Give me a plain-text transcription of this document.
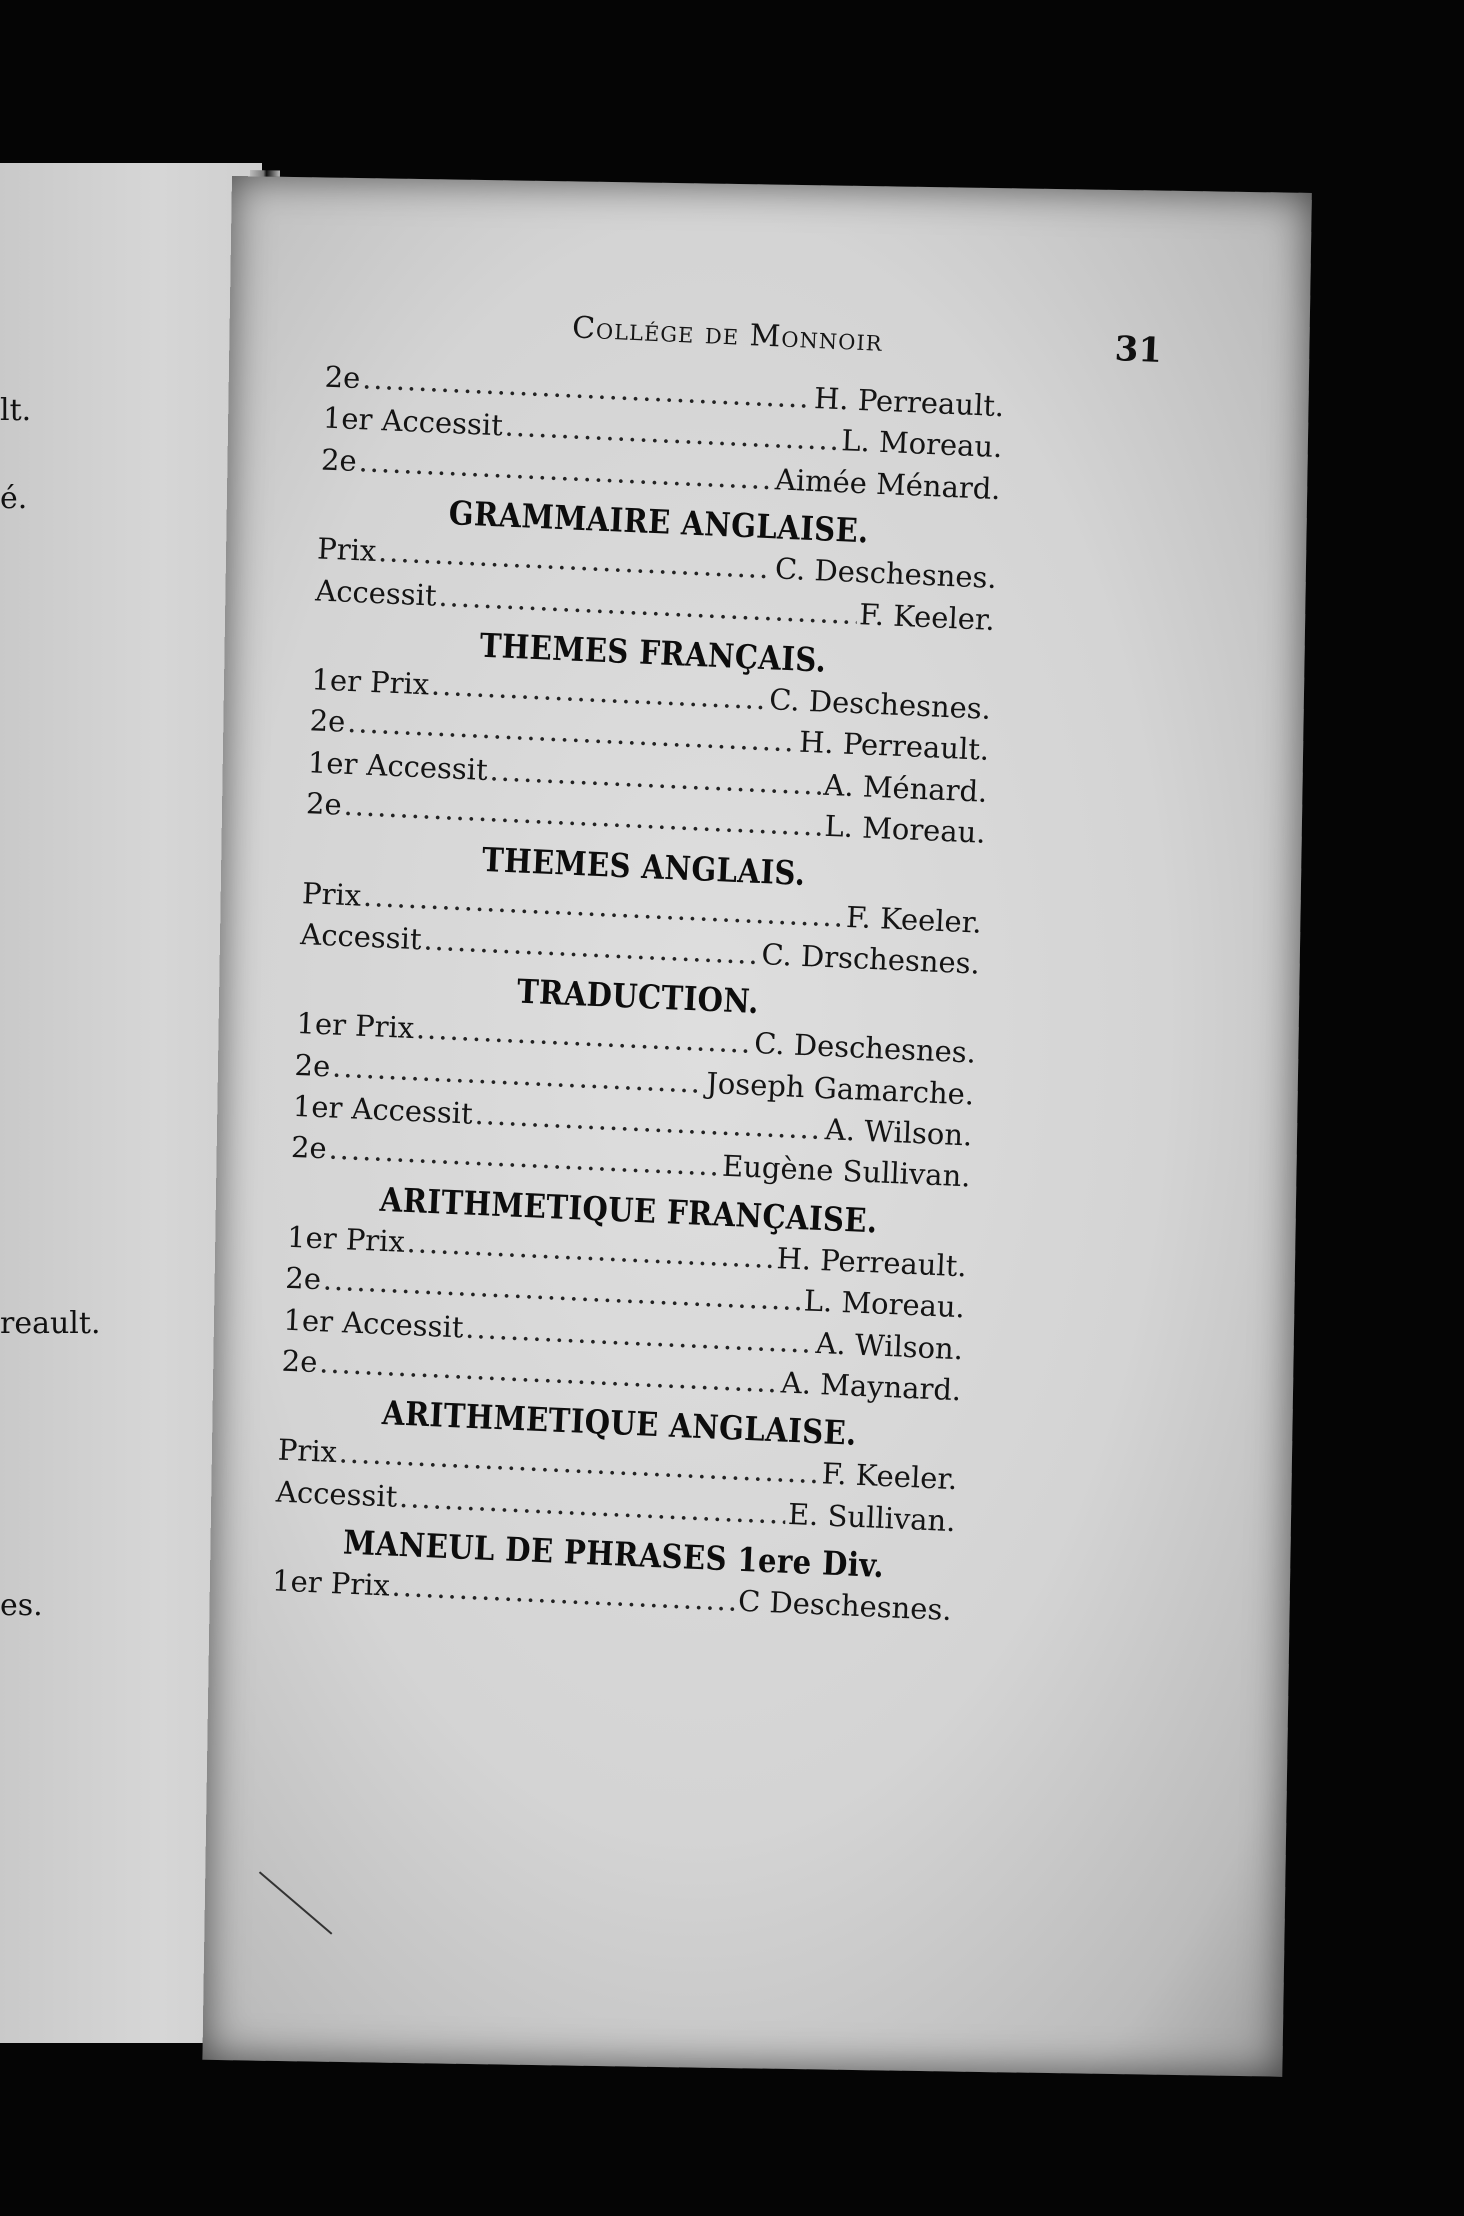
lt.
é.
reault.
es.
Collége de Monnoir	31
2e
.....
H. Perreault.
1er Accessit
.....
L. Moreau.
2e
.....
Aimée Ménard.
GRAMMAIRE ANGLAISE.
Prix
.....
C. Deschesnes.
Accessit
.....
F. Keeler.
THEMES FRANÇAIS.
1er Prix
.....
C. Deschesnes.
2e
.....
H. Perreault.
1er Accessit
.....
A. Ménard.
2e
.....
L. Moreau.
THEMES ANGLAIS.
Prix
.....
F. Keeler.
Accessit
.....
C. Drschesnes.
TRADUCTION.
1er Prix
.....
C. Deschesnes.
2e
.....
Joseph Gamarche.
1er Accessit
.....
A. Wilson.
2e
.....
Eugène Sullivan.
ARITHMETIQUE FRANÇAISE.
1er Prix
.....
H. Perreault.
2e
.....
L. Moreau.
1er Accessit
.....
A. Wilson.
2e
.....
A. Maynard.
ARITHMETIQUE ANGLAISE.
Prix
.....
F. Keeler.
Accessit
.....
E. Sullivan.
MANEUL DE PHRASES 1ere Div.
1er Prix
.....
C Deschesnes.
